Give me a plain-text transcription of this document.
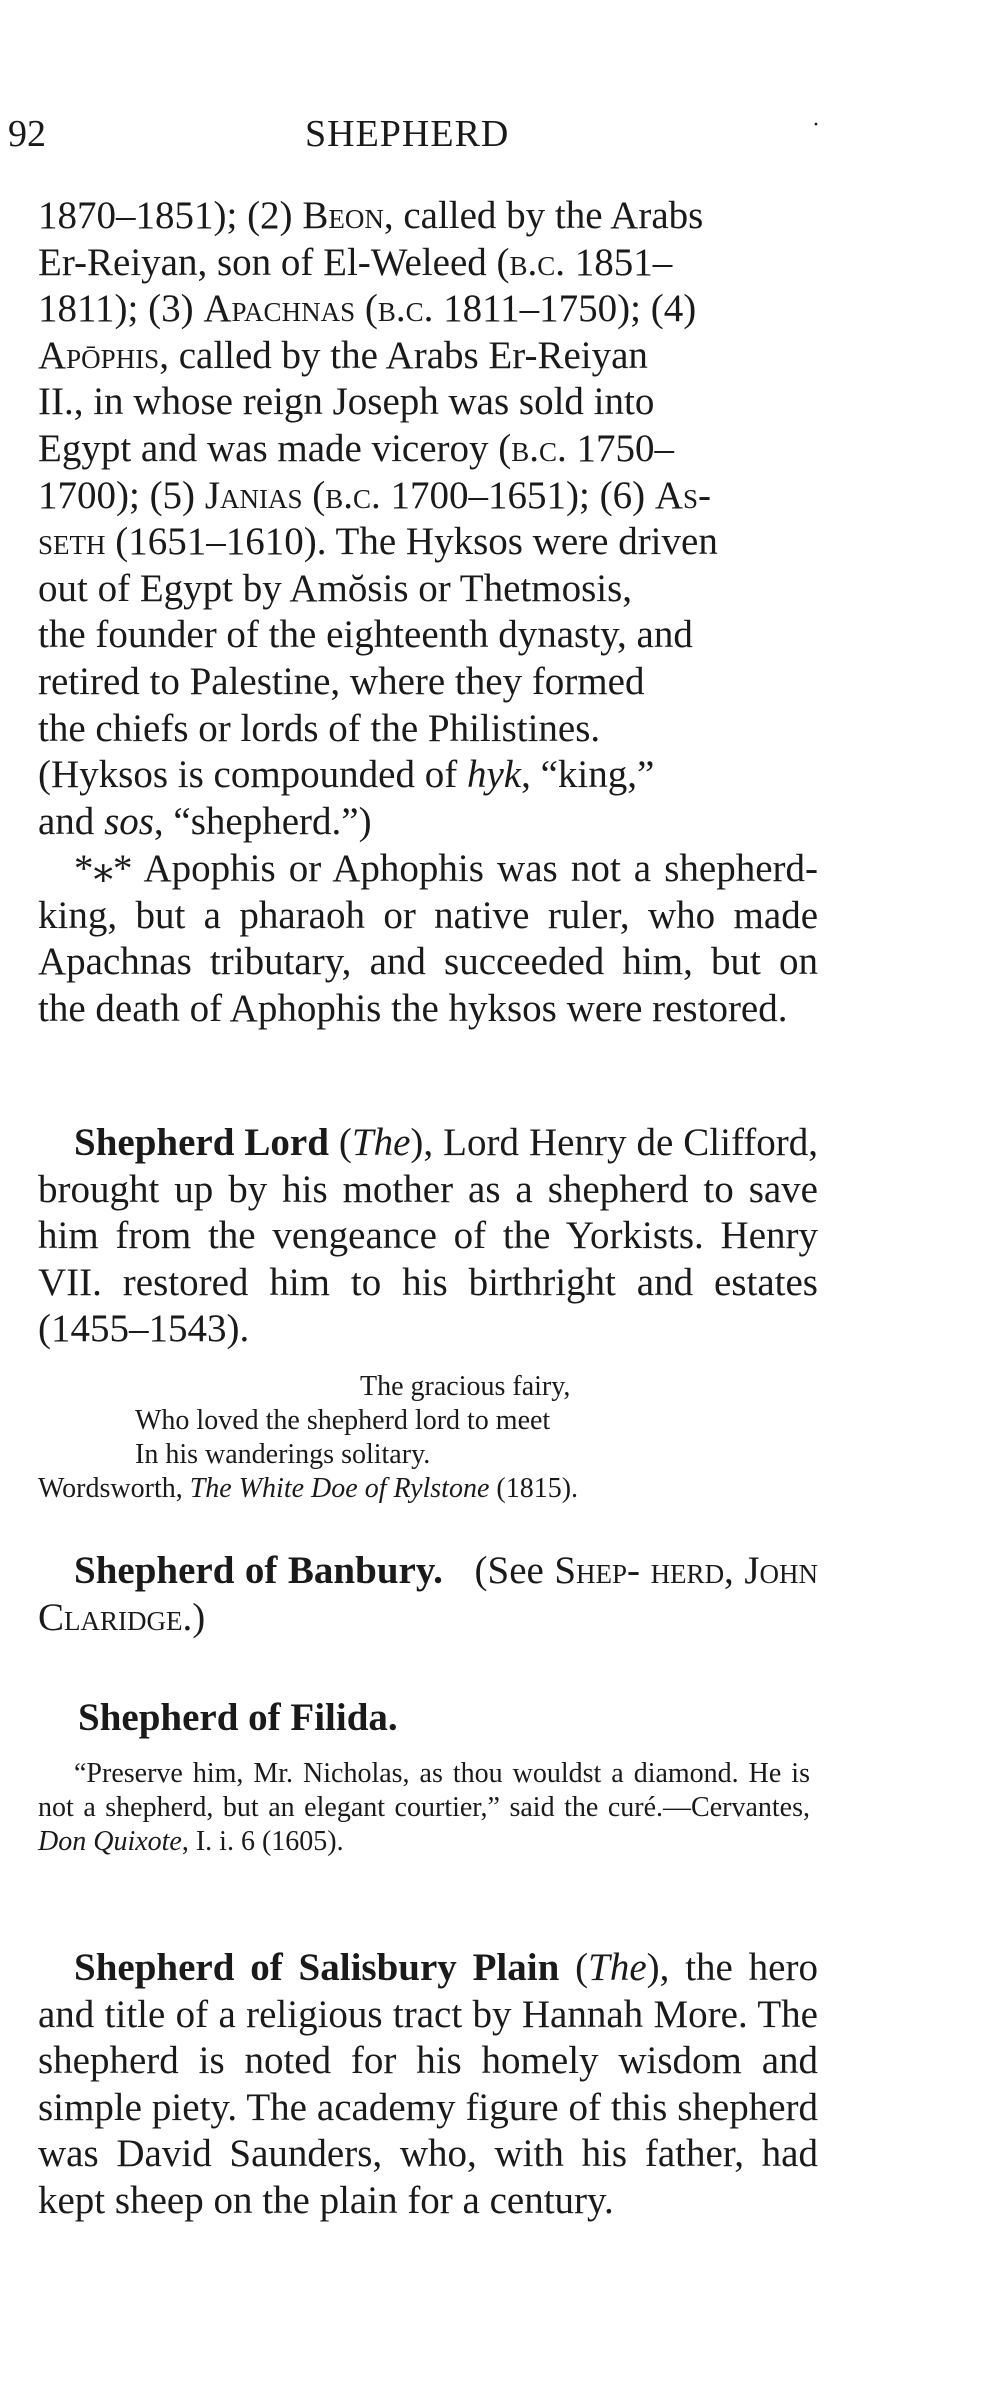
92	SHEPHERD	·
1870–1851); (2) Beon, called by the Arabs
Er-Reiyan, son of El-Weleed (b.c. 1851–
1811); (3) Apachnas (b.c. 1811–1750); (4)
Apōphis, called by the Arabs Er-Reiyan
II., in whose reign Joseph was sold into
Egypt and was made viceroy (b.c. 1750–
1700); (5) Janias (b.c. 1700–1651); (6) As-
seth (1651–1610). The Hyksos were driven
out of Egypt by Amŏsis or Thetmosis,
the founder of the eighteenth dynasty, and
retired to Palestine, where they formed
the chiefs or lords of the Philistines.
(Hyksos is compounded of hyk, “king,”
and sos, “shepherd.”)
*⁎* Apophis or Aphophis was not a shepherd-king, but a pharaoh or native ruler, who made Apachnas tributary, and succeeded him, but on the death of Aphophis the hyksos were restored.
Shepherd Lord (The), Lord Henry de Clifford, brought up by his mother as a shepherd to save him from the vengeance of the Yorkists. Henry VII. restored him to his birthright and estates (1455–1543).
The gracious fairy,
Who loved the shepherd lord to meet
In his wanderings solitary.
Wordsworth, The White Doe of Rylstone (1815).
Shepherd of Banbury. (See Shep- herd, John Claridge.)
Shepherd of Filida.
“Preserve him, Mr. Nicholas, as thou wouldst a diamond. He is not a shepherd, but an elegant courtier,” said the curé.—Cervantes, Don Quixote, I. i. 6 (1605).
Shepherd of Salisbury Plain (The), the hero and title of a religious tract by Hannah More. The shepherd is noted for his homely wisdom and simple piety. The academy figure of this shepherd was David Saunders, who, with his father, had kept sheep on the plain for a century.
